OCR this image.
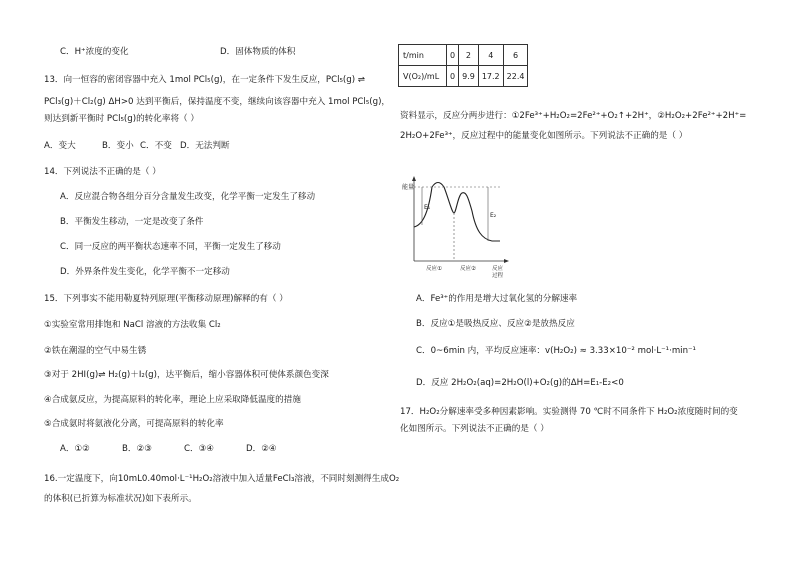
C．H⁺浓度的变化	D．固体物质的体积
13．向一恒容的密闭容器中充入 1mol PCl₅(g)，在一定条件下发生反应，PCl₅(g) ⇌
PCl₃(g)＋Cl₂(g) ΔH>0 达到平衡后，保持温度不变，继续向该容器中充入 1mol PCl₅(g)，
则达到新平衡时 PCl₅(g)的转化率将（ ）
A．变大	B．变小 C．不变 D．无法判断
14．下列说法不正确的是（ ）
A．反应混合物各组分百分含量发生改变，化学平衡一定发生了移动
B．平衡发生移动，一定是改变了条件
C．同一反应的两平衡状态速率不同，平衡一定发生了移动
D．外界条件发生变化，化学平衡不一定移动
15．下列事实不能用勒夏特列原理(平衡移动原理)解释的有（ ）
①实验室常用排饱和 NaCl 溶液的方法收集 Cl₂
②铁在潮湿的空气中易生锈
③对于 2HI(g)⇌ H₂(g)＋I₂(g)，达平衡后，缩小容器体积可使体系颜色变深
④合成氨反应，为提高原料的转化率，理论上应采取降低温度的措施
⑤合成氨时将氨液化分离，可提高原料的转化率
A．①②	B．②③	C．③④	D．②④
16.一定温度下，向10mL0.40mol·L⁻¹H₂O₂溶液中加入适量FeCl₃溶液，不同时刻测得生成O₂
的体积(已折算为标准状况)如下表所示。
t/min	0	2	4	6
V(O₂)/mL	0	9.9	17.2	22.4
资料显示，反应分两步进行：①2Fe³⁺+H₂O₂=2Fe²⁺+O₂↑+2H⁺，②H₂O₂+2Fe²⁺+2H⁺=
2H₂O+2Fe³⁺，反应过程中的能量变化如图所示。下列说法不正确的是（ ）
能量
E₁
E₂
反应①	反应②	反应
过程
A．Fe³⁺的作用是增大过氧化氢的分解速率
B．反应①是吸热反应、反应②是放热反应
C．0~6min 内，平均反应速率：v(H₂O₂) ≈ 3.33×10⁻² mol·L⁻¹·min⁻¹
D．反应 2H₂O₂(aq)=2H₂O(l)+O₂(g)的ΔH=E₁-E₂<0
17．H₂O₂分解速率受多种因素影响。实验测得 70 ℃时不同条件下 H₂O₂浓度随时间的变
化如图所示。下列说法不正确的是（ ）
